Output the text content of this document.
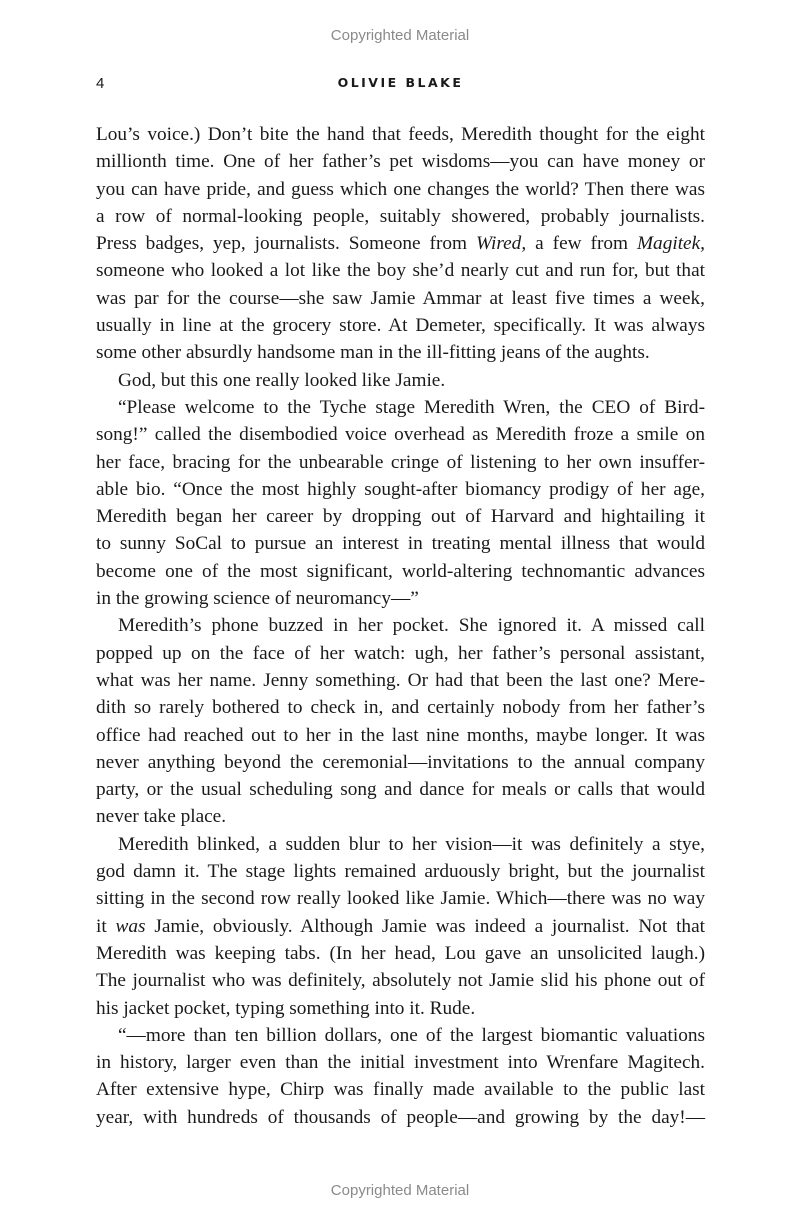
Copyrighted Material
4	OLIVIE BLAKE
Lou’s voice.) Don’t bite the hand that feeds, Meredith thought for the eight
millionth time. One of her father’s pet wisdoms—you can have money or
you can have pride, and guess which one changes the world? Then there was
a row of normal-looking people, suitably showered, probably journalists.
Press badges, yep, journalists. Someone from Wired, a few from Magitek,
someone who looked a lot like the boy she’d nearly cut and run for, but that
was par for the course—she saw Jamie Ammar at least five times a week,
usually in line at the grocery store. At Demeter, specifically. It was always
some other absurdly handsome man in the ill-fitting jeans of the aughts.
God, but this one really looked like Jamie.
“Please welcome to the Tyche stage Meredith Wren, the CEO of Bird-
song!” called the disembodied voice overhead as Meredith froze a smile on
her face, bracing for the unbearable cringe of listening to her own insuffer-
able bio. “Once the most highly sought-after biomancy prodigy of her age,
Meredith began her career by dropping out of Harvard and hightailing it
to sunny SoCal to pursue an interest in treating mental illness that would
become one of the most significant, world-altering technomantic advances
in the growing science of neuromancy—”
Meredith’s phone buzzed in her pocket. She ignored it. A missed call
popped up on the face of her watch: ugh, her father’s personal assistant,
what was her name. Jenny something. Or had that been the last one? Mere-
dith so rarely bothered to check in, and certainly nobody from her father’s
office had reached out to her in the last nine months, maybe longer. It was
never anything beyond the ceremonial—invitations to the annual company
party, or the usual scheduling song and dance for meals or calls that would
never take place.
Meredith blinked, a sudden blur to her vision—it was definitely a stye,
god damn it. The stage lights remained arduously bright, but the journalist
sitting in the second row really looked like Jamie. Which—there was no way
it was Jamie, obviously. Although Jamie was indeed a journalist. Not that
Meredith was keeping tabs. (In her head, Lou gave an unsolicited laugh.)
The journalist who was definitely, absolutely not Jamie slid his phone out of
his jacket pocket, typing something into it. Rude.
“—more than ten billion dollars, one of the largest biomantic valuations
in history, larger even than the initial investment into Wrenfare Magitech.
After extensive hype, Chirp was finally made available to the public last
year, with hundreds of thousands of people—and growing by the day!—
Copyrighted Material
